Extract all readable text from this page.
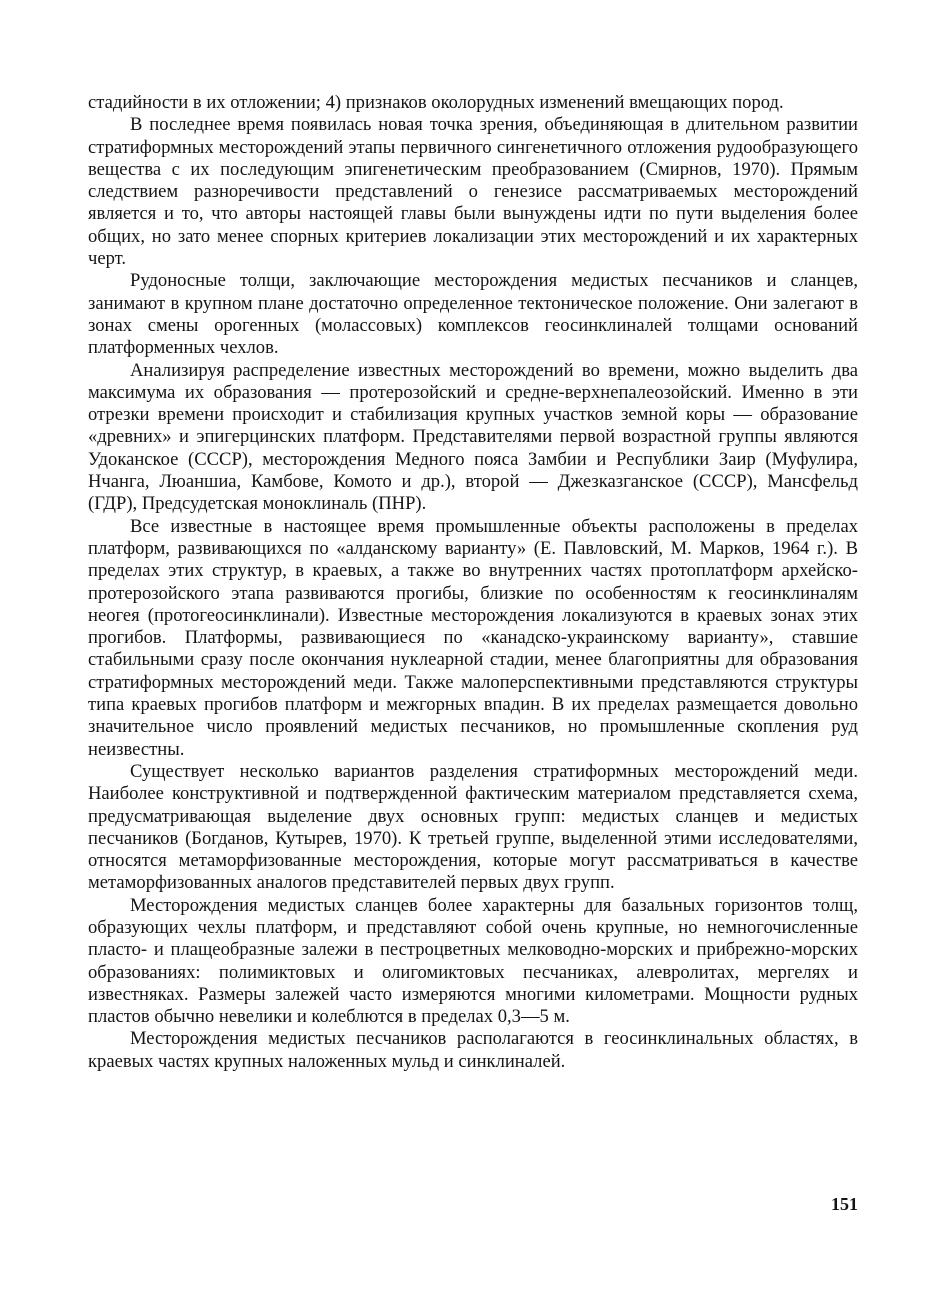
стадийности в их отложении; 4) признаков околорудных изменений вмещающих пород.

В последнее время появилась новая точка зрения, объединяющая в длительном развитии стратиформных месторождений этапы первичного сингенетичного отложения рудообразующего вещества с их последующим эпигенетическим преобразованием (Смирнов, 1970). Прямым следствием разноречивости представлений о генезисе рассматриваемых месторождений является и то, что авторы настоящей главы были вынуждены идти по пути выделения более общих, но зато менее спорных критериев локализации этих месторождений и их характерных черт.

Рудоносные толщи, заключающие месторождения медистых песчаников и сланцев, занимают в крупном плане достаточно определенное тектоническое положение. Они залегают в зонах смены орогенных (молассовых) комплексов геосинклиналей толщами оснований платформенных чехлов.

Анализируя распределение известных месторождений во времени, можно выделить два максимума их образования — протерозойский и средне-верхнепалеозойский. Именно в эти отрезки времени происходит и стабилизация крупных участков земной коры — образование «древних» и эпигерцинских платформ. Представителями первой возрастной группы являются Удоканское (СССР), месторождения Медного пояса Замбии и Республики Заир (Муфулира, Нчанга, Люаншиа, Камбове, Комото и др.), второй — Джезказганское (СССР), Мансфельд (ГДР), Предсудетская моноклиналь (ПНР).

Все известные в настоящее время промышленные объекты расположены в пределах платформ, развивающихся по «алданскому варианту» (Е. Павловский, М. Марков, 1964 г.). В пределах этих структур, в краевых, а также во внутренних частях протоплатформ архейско-протерозойского этапа развиваются прогибы, близкие по особенностям к геосинклиналям неогея (протогеосинклинали). Известные месторождения локализуются в краевых зонах этих прогибов. Платформы, развивающиеся по «канадско-украинскому варианту», ставшие стабильными сразу после окончания нуклеарной стадии, менее благоприятны для образования стратиформных месторождений меди. Также малоперспективными представляются структуры типа краевых прогибов платформ и межгорных впадин. В их пределах размещается довольно значительное число проявлений медистых песчаников, но промышленные скопления руд неизвестны.

Существует несколько вариантов разделения стратиформных месторождений меди. Наиболее конструктивной и подтвержденной фактическим материалом представляется схема, предусматривающая выделение двух основных групп: медистых сланцев и медистых песчаников (Богданов, Кутырев, 1970). К третьей группе, выделенной этими исследователями, относятся метаморфизованные месторождения, которые могут рассматриваться в качестве метаморфизованных аналогов представителей первых двух групп.

Месторождения медистых сланцев более характерны для базальных горизонтов толщ, образующих чехлы платформ, и представляют собой очень крупные, но немногочисленные пласто- и плащеобразные залежи в пестроцветных мелководно-морских и прибрежно-морских образованиях: полимиктовых и олигомиктовых песчаниках, алевролитах, мергелях и известняках. Размеры залежей часто измеряются многими километрами. Мощности рудных пластов обычно невелики и колеблются в пределах 0,3—5 м.

Месторождения медистых песчаников располагаются в геосинклинальных областях, в краевых частях крупных наложенных мульд и синклиналей.

151
